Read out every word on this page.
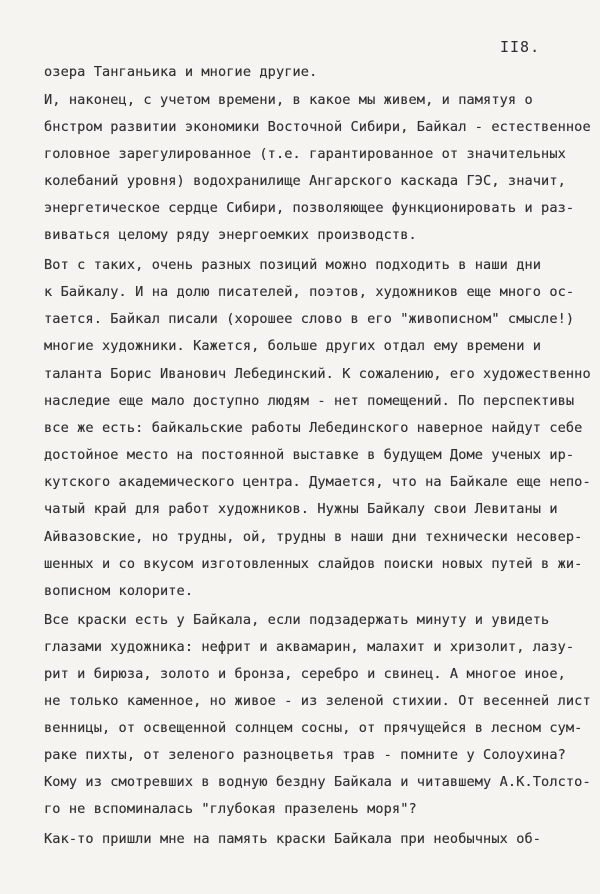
II8.
озера Танганьика и многие другие.
И, наконец, с учетом времени, в какое мы живем, и памятуя о
бнстром развитии экономики Восточной Сибири, Байкал - естественное
головное зарегулированное (т.е. гарантированное от значительных
колебаний уровня) водохранилище Ангарского каскада ГЭС, значит,
энергетическое сердце Сибири, позволяющее функционировать и раз-
виваться целому ряду энергоемких производств.
Вот с таких, очень разных позиций можно подходить в наши дни
к Байкалу. И на долю писателей, поэтов, художников еще много ос-
тается. Байкал писали (хорошее слово в его "живописном" смысле!)
многие художники. Кажется, больше других отдал ему времени и
таланта Борис Иванович Лебединский. К сожалению, его художественно
наследие еще мало доступно людям - нет помещений. По перспективы
все же есть: байкальские работы Лебединского наверное найдут себе
достойное место на постоянной выставке в будущем Доме ученых ир-
кутского академического центра. Думается, что на Байкале еще непо-
чатый край для работ художников. Нужны Байкалу свои Левитаны и
Айвазовские, но трудны, ой, трудны в наши дни технически несовер-
шенных и со вкусом изготовленных слайдов поиски новых путей в жи-
вописном колорите.
Все краски есть у Байкала, если подзадержать минуту и увидеть
глазами художника: нефрит и аквамарин, малахит и хризолит, лазу-
рит и бирюза, золото и бронза, серебро и свинец. А многое иное,
не только каменное, но живое - из зеленой стихии. От весенней лист
венницы, от освещенной солнцем сосны, от прячущейся в лесном сум-
раке пихты, от зеленого разноцветья трав - помните у Солоухина?
Кому из смотревших в водную бездну Байкала и читавшему А.К.Толсто-
го не вспоминалась "глубокая празелень моря"?
Как-то пришли мне на память краски Байкала при необычных об-
